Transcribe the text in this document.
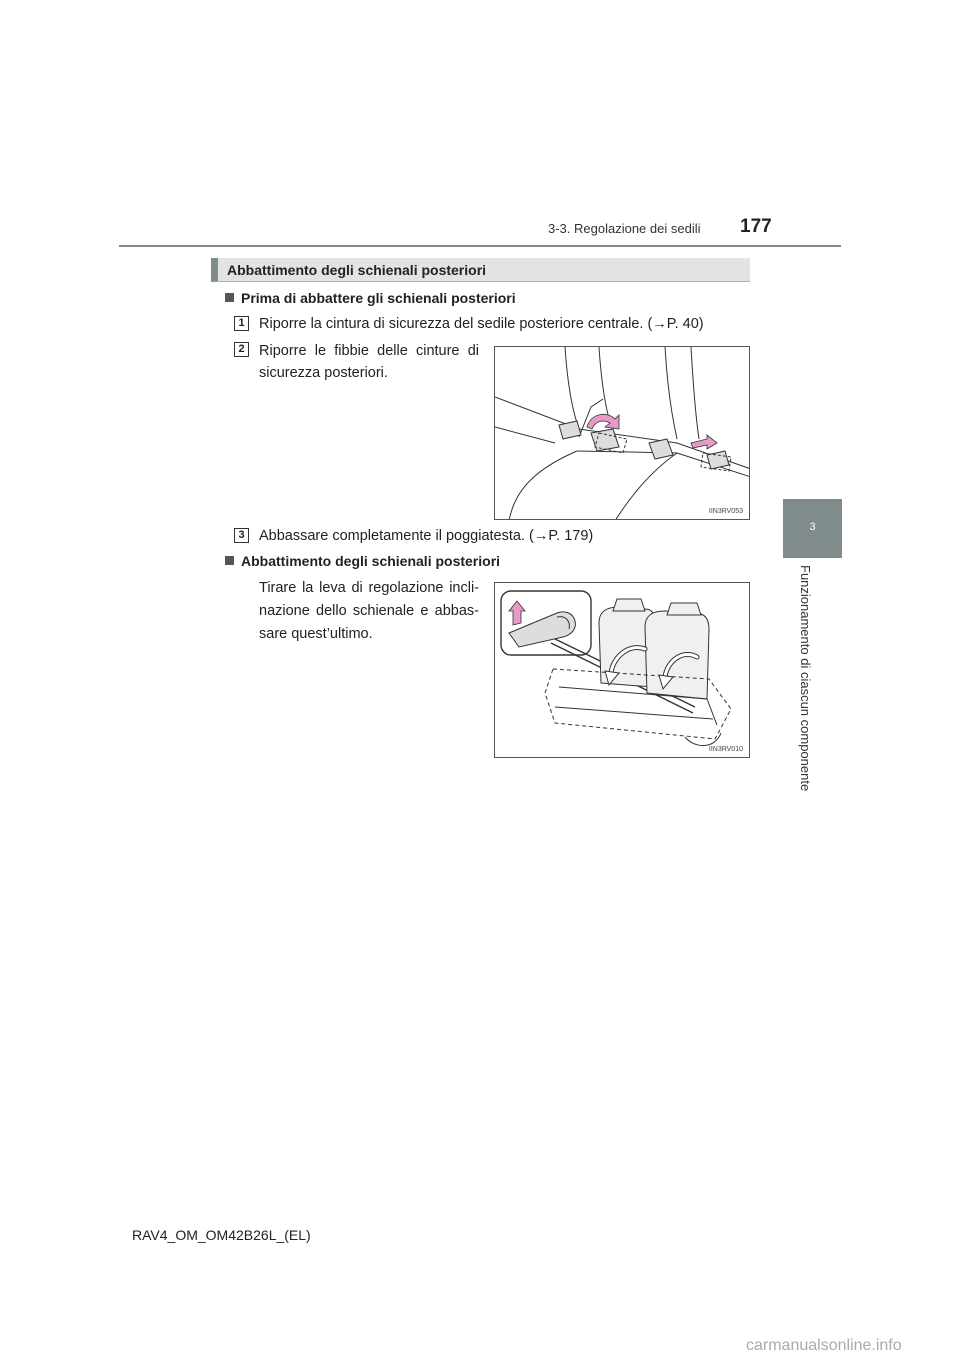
3-3. Regolazione dei sedili 177
3
Funzionamento di ciascun componente
Abbattimento degli schienali posteriori
Prima di abbattere gli schienali posteriori
1 Riporre la cintura di sicurezza del sedile posteriore centrale. (→P. 40)
2 Riporre le fibbie delle cinture di
sicurezza posteriori.
IIN3RV053
3 Abbassare completamente il poggiatesta. (→P. 179)
Abbattimento degli schienali posteriori
Tirare la leva di regolazione incli-
nazione dello schienale e abbas-
sare quest’ultimo.
IIN3RV010
RAV4_OM_OM42B26L_(EL)
carmanualsonline.info
